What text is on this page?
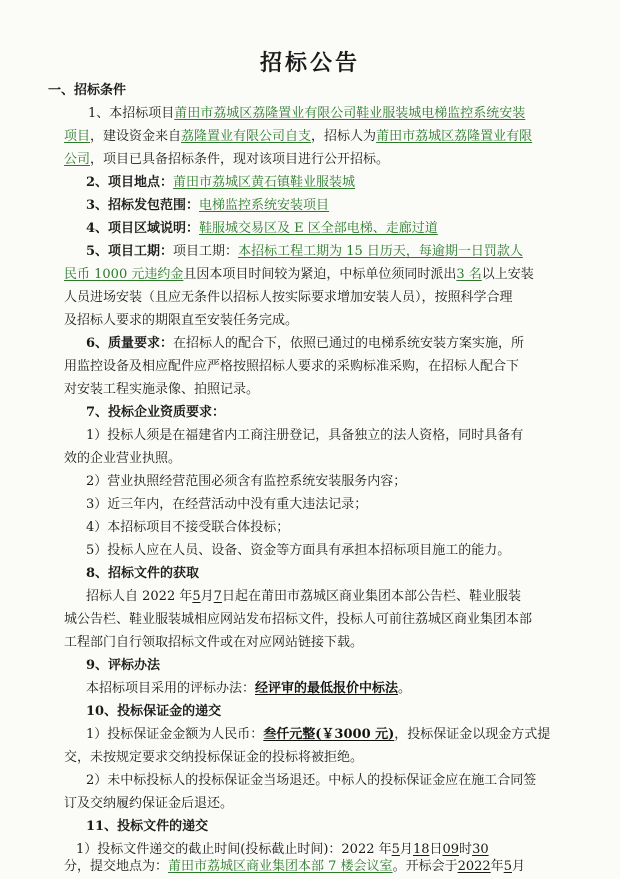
招标公告
一、招标条件
1、本招标项目莆田市荔城区荔隆置业有限公司鞋业服装城电梯监控系统安装
项目，建设资金来自荔隆置业有限公司自支，招标人为莆田市荔城区荔隆置业有限
公司，项目已具备招标条件，现对该项目进行公开招标。
2、项目地点：莆田市荔城区黄石镇鞋业服装城
3、招标发包范围：电梯监控系统安装项目
4、项目区域说明：鞋服城交易区及 E 区全部电梯、走廊过道
5、项目工期：项目工期：本招标工程工期为 15 日历天，每逾期一日罚款人
民币 1000 元违约金且因本项目时间较为紧迫，中标单位须同时派出3 名以上安装
人员进场安装（且应无条件以招标人按实际要求增加安装人员），按照科学合理
及招标人要求的期限直至安装任务完成。
6、质量要求：在招标人的配合下，依照已通过的电梯系统安装方案实施，所
用监控设备及相应配件应严格按照招标人要求的采购标准采购，在招标人配合下
对安装工程实施录像、拍照记录。
7、投标企业资质要求：
1）投标人须是在福建省内工商注册登记，具备独立的法人资格，同时具备有
效的企业营业执照。
2）营业执照经营范围必须含有监控系统安装服务内容；
3）近三年内，在经营活动中没有重大违法记录；
4）本招标项目不接受联合体投标；
5）投标人应在人员、设备、资金等方面具有承担本招标项目施工的能力。
8、招标文件的获取
招标人自 2022 年5月7日起在莆田市荔城区商业集团本部公告栏、鞋业服装
城公告栏、鞋业服装城相应网站发布招标文件，投标人可前往荔城区商业集团本部
工程部门自行领取招标文件或在对应网站链接下载。
9、评标办法
本招标项目采用的评标办法：经评审的最低报价中标法。
10、投标保证金的递交
1）投标保证金金额为人民币：叁仟元整(￥3000 元)，投标保证金以现金方式提
交，未按规定要求交纳投标保证金的投标将被拒绝。
2）未中标投标人的投标保证金当场退还。中标人的投标保证金应在施工合同签
订及交纳履约保证金后退还。
11、投标文件的递交
1）投标文件递交的截止时间(投标截止时间)：2022 年5月18日09时30
分，提交地点为：莆田市荔城区商业集团本部 7 楼会议室。开标会于2022年5月
